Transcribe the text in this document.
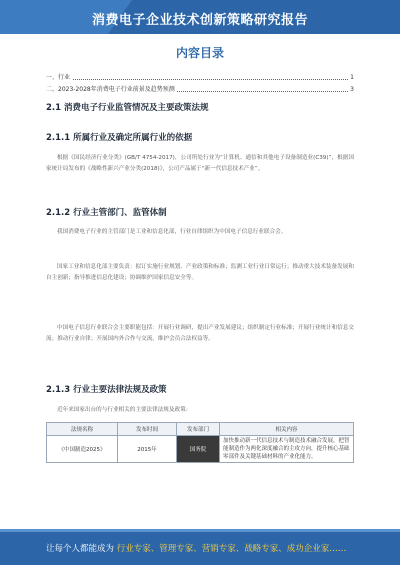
消费电子企业技术创新策略研究报告
内容目录
一、行业	1
二、2023-2028年消费电子行业前景及趋势预测	3
2.1 消费电子行业监管情况及主要政策法规
2.1.1 所属行业及确定所属行业的依据
根据《国民经济行业分类》(GB/T 4754-2017)，公司所处行业为“计算机、通信和其他电子设备制造业(C39)”，根据国家统计局发布的《战略性新兴产业分类(2018)》，公司产品属于“新一代信息技术产业”。
2.1.2 行业主管部门、监管体制
我国消费电子行业的主管部门是工业和信息化部，行业自律组织为中国电子信息行业联合会。
国家工业和信息化部主要负责：拟订实施行业规划、产业政策和标准；监测工业行业日常运行；推动重大技术装备发展和自主创新；指导推进信息化建设；协调维护国家信息安全等。
中国电子信息行业联合会主要职能包括：开展行业调研，提出产业发展建议；组织制定行业标准；开展行业统计和信息交流；推动行业自律；开展国内外合作与交流，维护会员合法权益等。
2.1.3 行业主要法律法规及政策
近年来国家出台的与行业相关的主要法律法规及政策：
法规名称	发布时间	发布部门	相关内容
《中国制造2025》	2015年	国务院	加快推动新一代信息技术与制造技术融合发展，把智能制造作为两化深度融合的主攻方向，提升核心基础零部件及关键基础材料的产业化能力。
让每个人都能成为 行业专家、管理专家、营销专家、战略专家、成功企业家……
